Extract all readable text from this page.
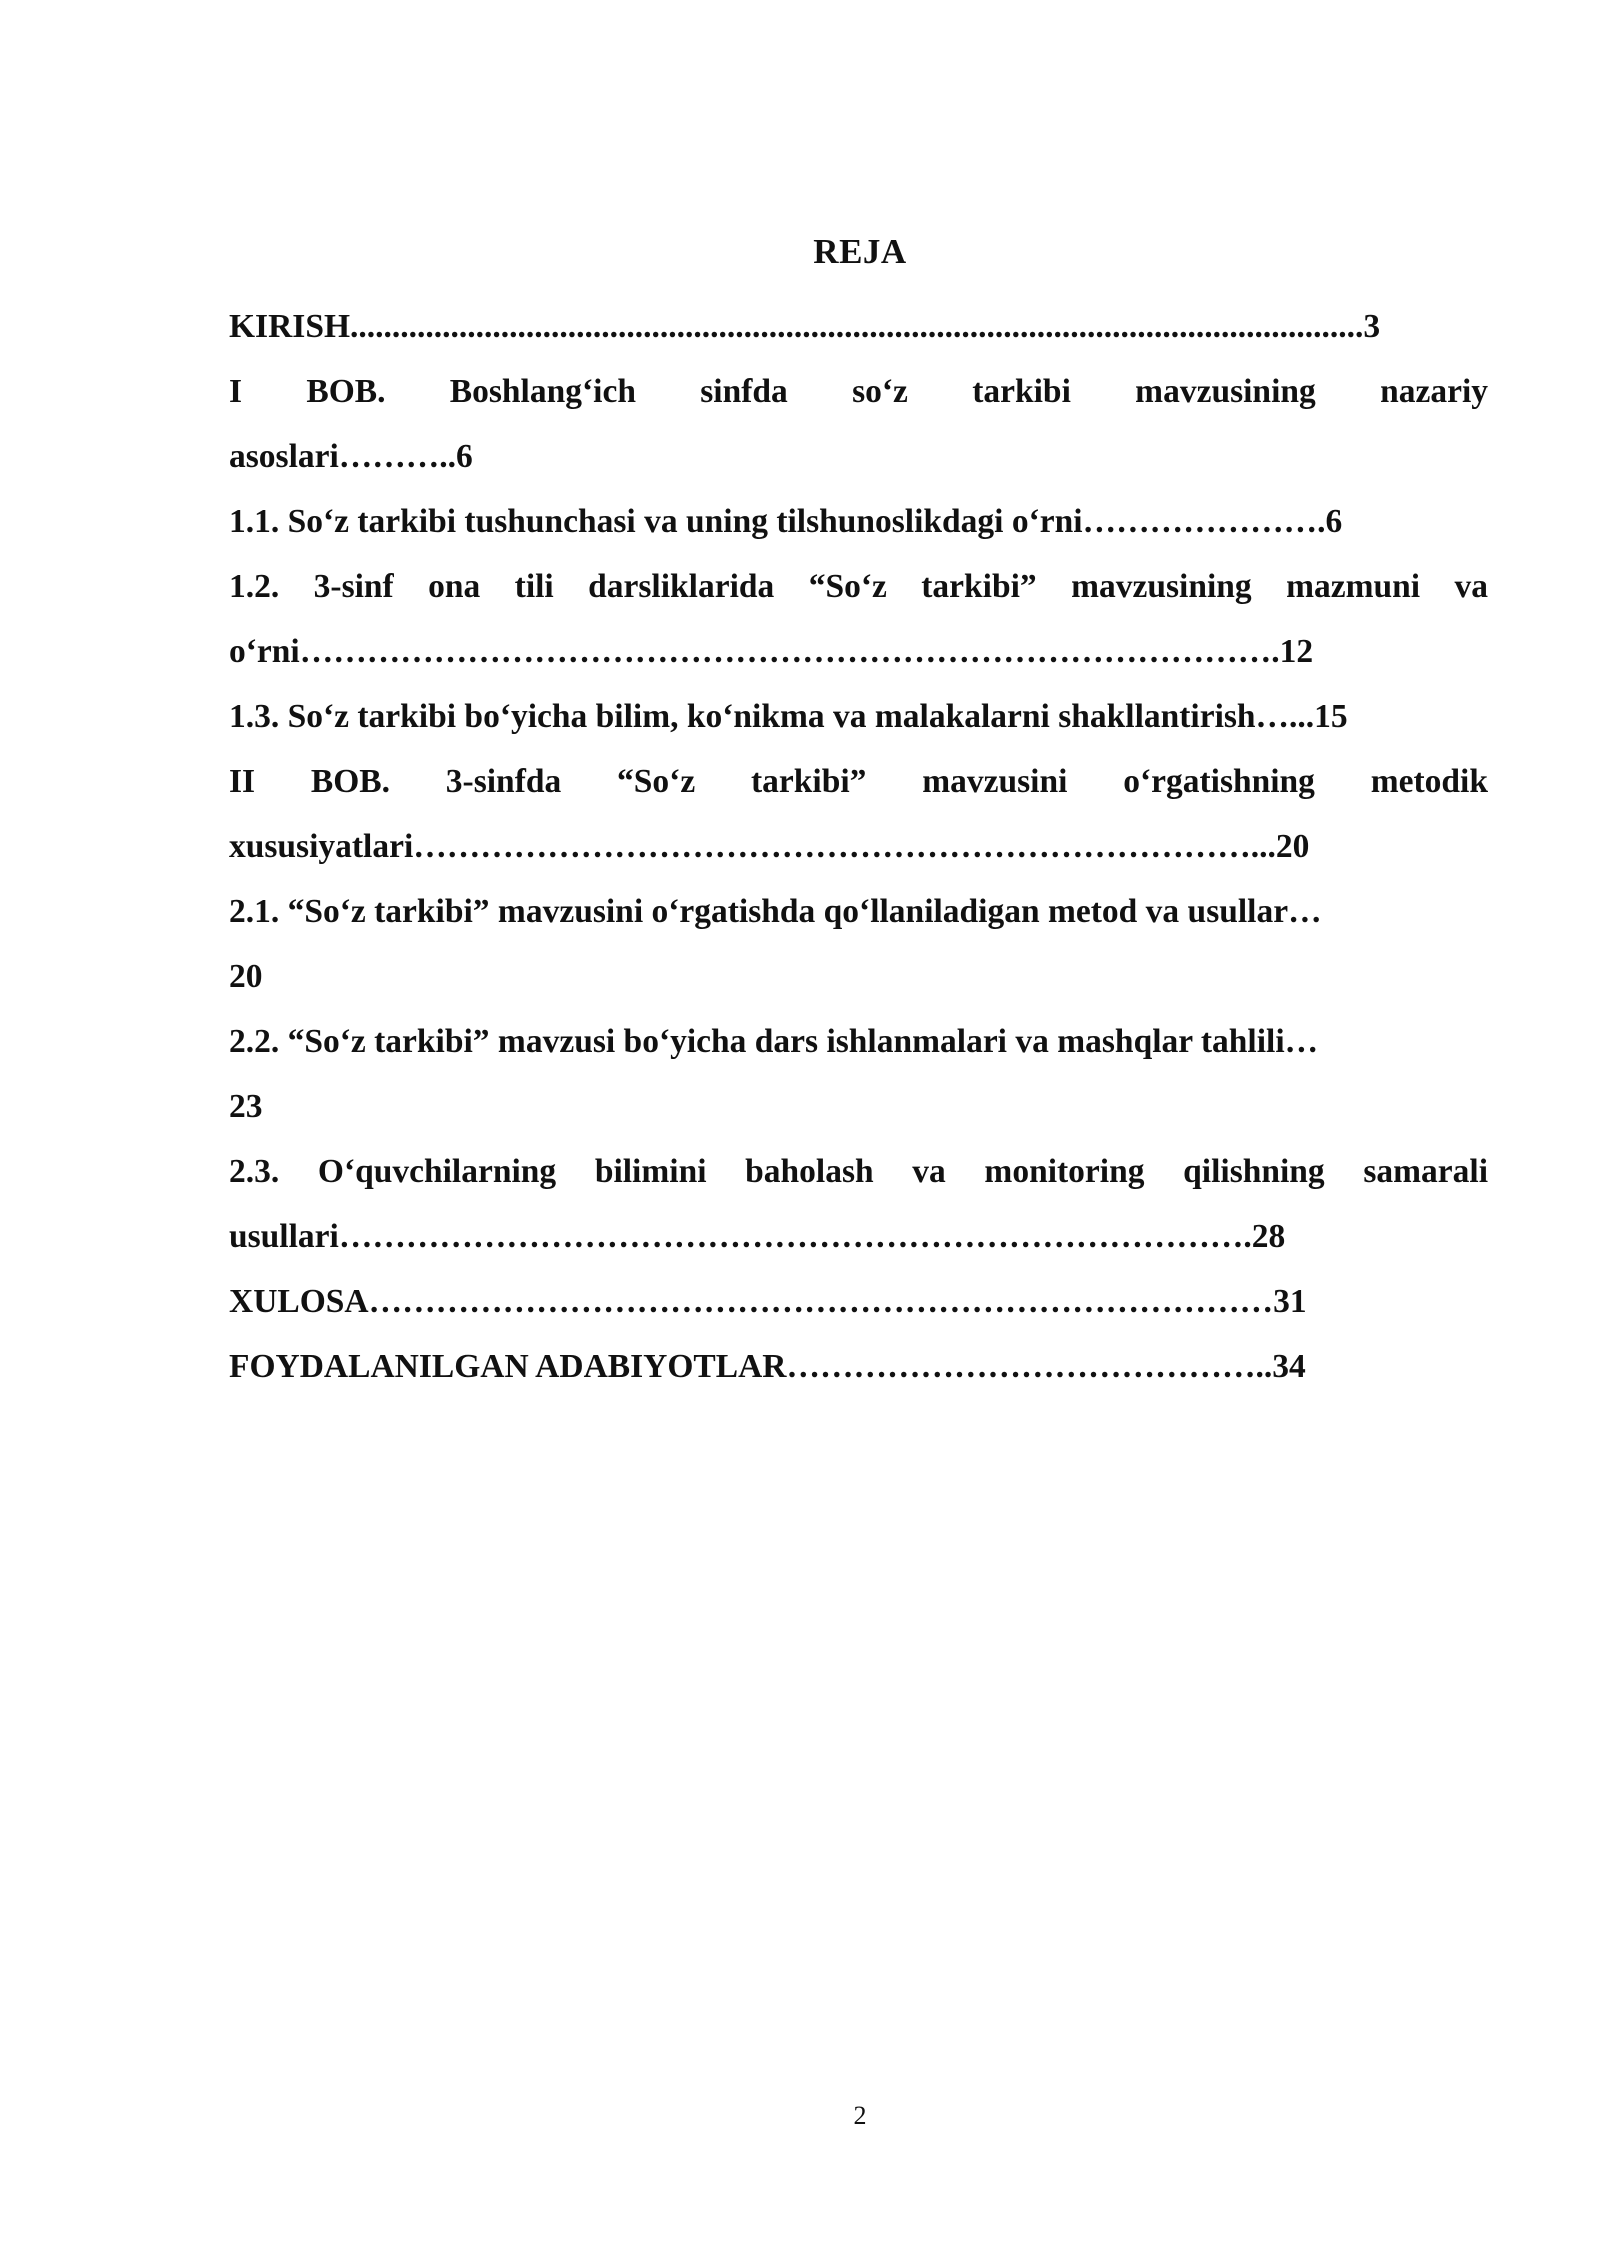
REJA
KIRISH.........................................................................................................................3
I BOB. Boshlang‘ich sinfda so‘z tarkibi mavzusining nazariy
asoslari………..6
1.1. So‘z tarkibi tushunchasi va uning tilshunoslikdagi o‘rni………………….6
1.2. 3-sinf ona tili darsliklarida “So‘z tarkibi” mavzusining mazmuni va
o‘rni…………………………………………………………………………….12
1.3. So‘z tarkibi bo‘yicha bilim, ko‘nikma va malakalarni shakllantirish…...15
II BOB. 3-sinfda “So‘z tarkibi” mavzusini o‘rgatishning metodik
xususiyatlari…………………………………………………………………...20
2.1. “So‘z tarkibi” mavzusini o‘rgatishda qo‘llaniladigan metod va usullar…
20
2.2. “So‘z tarkibi” mavzusi bo‘yicha dars ishlanmalari va mashqlar tahlili…
23
2.3. O‘quvchilarning bilimini baholash va monitoring qilishning samarali
usullari……………………………………………………………………….28
XULOSA………………………………………………………………………31
FOYDALANILGAN ADABIYOTLAR……………………………………..34
2
